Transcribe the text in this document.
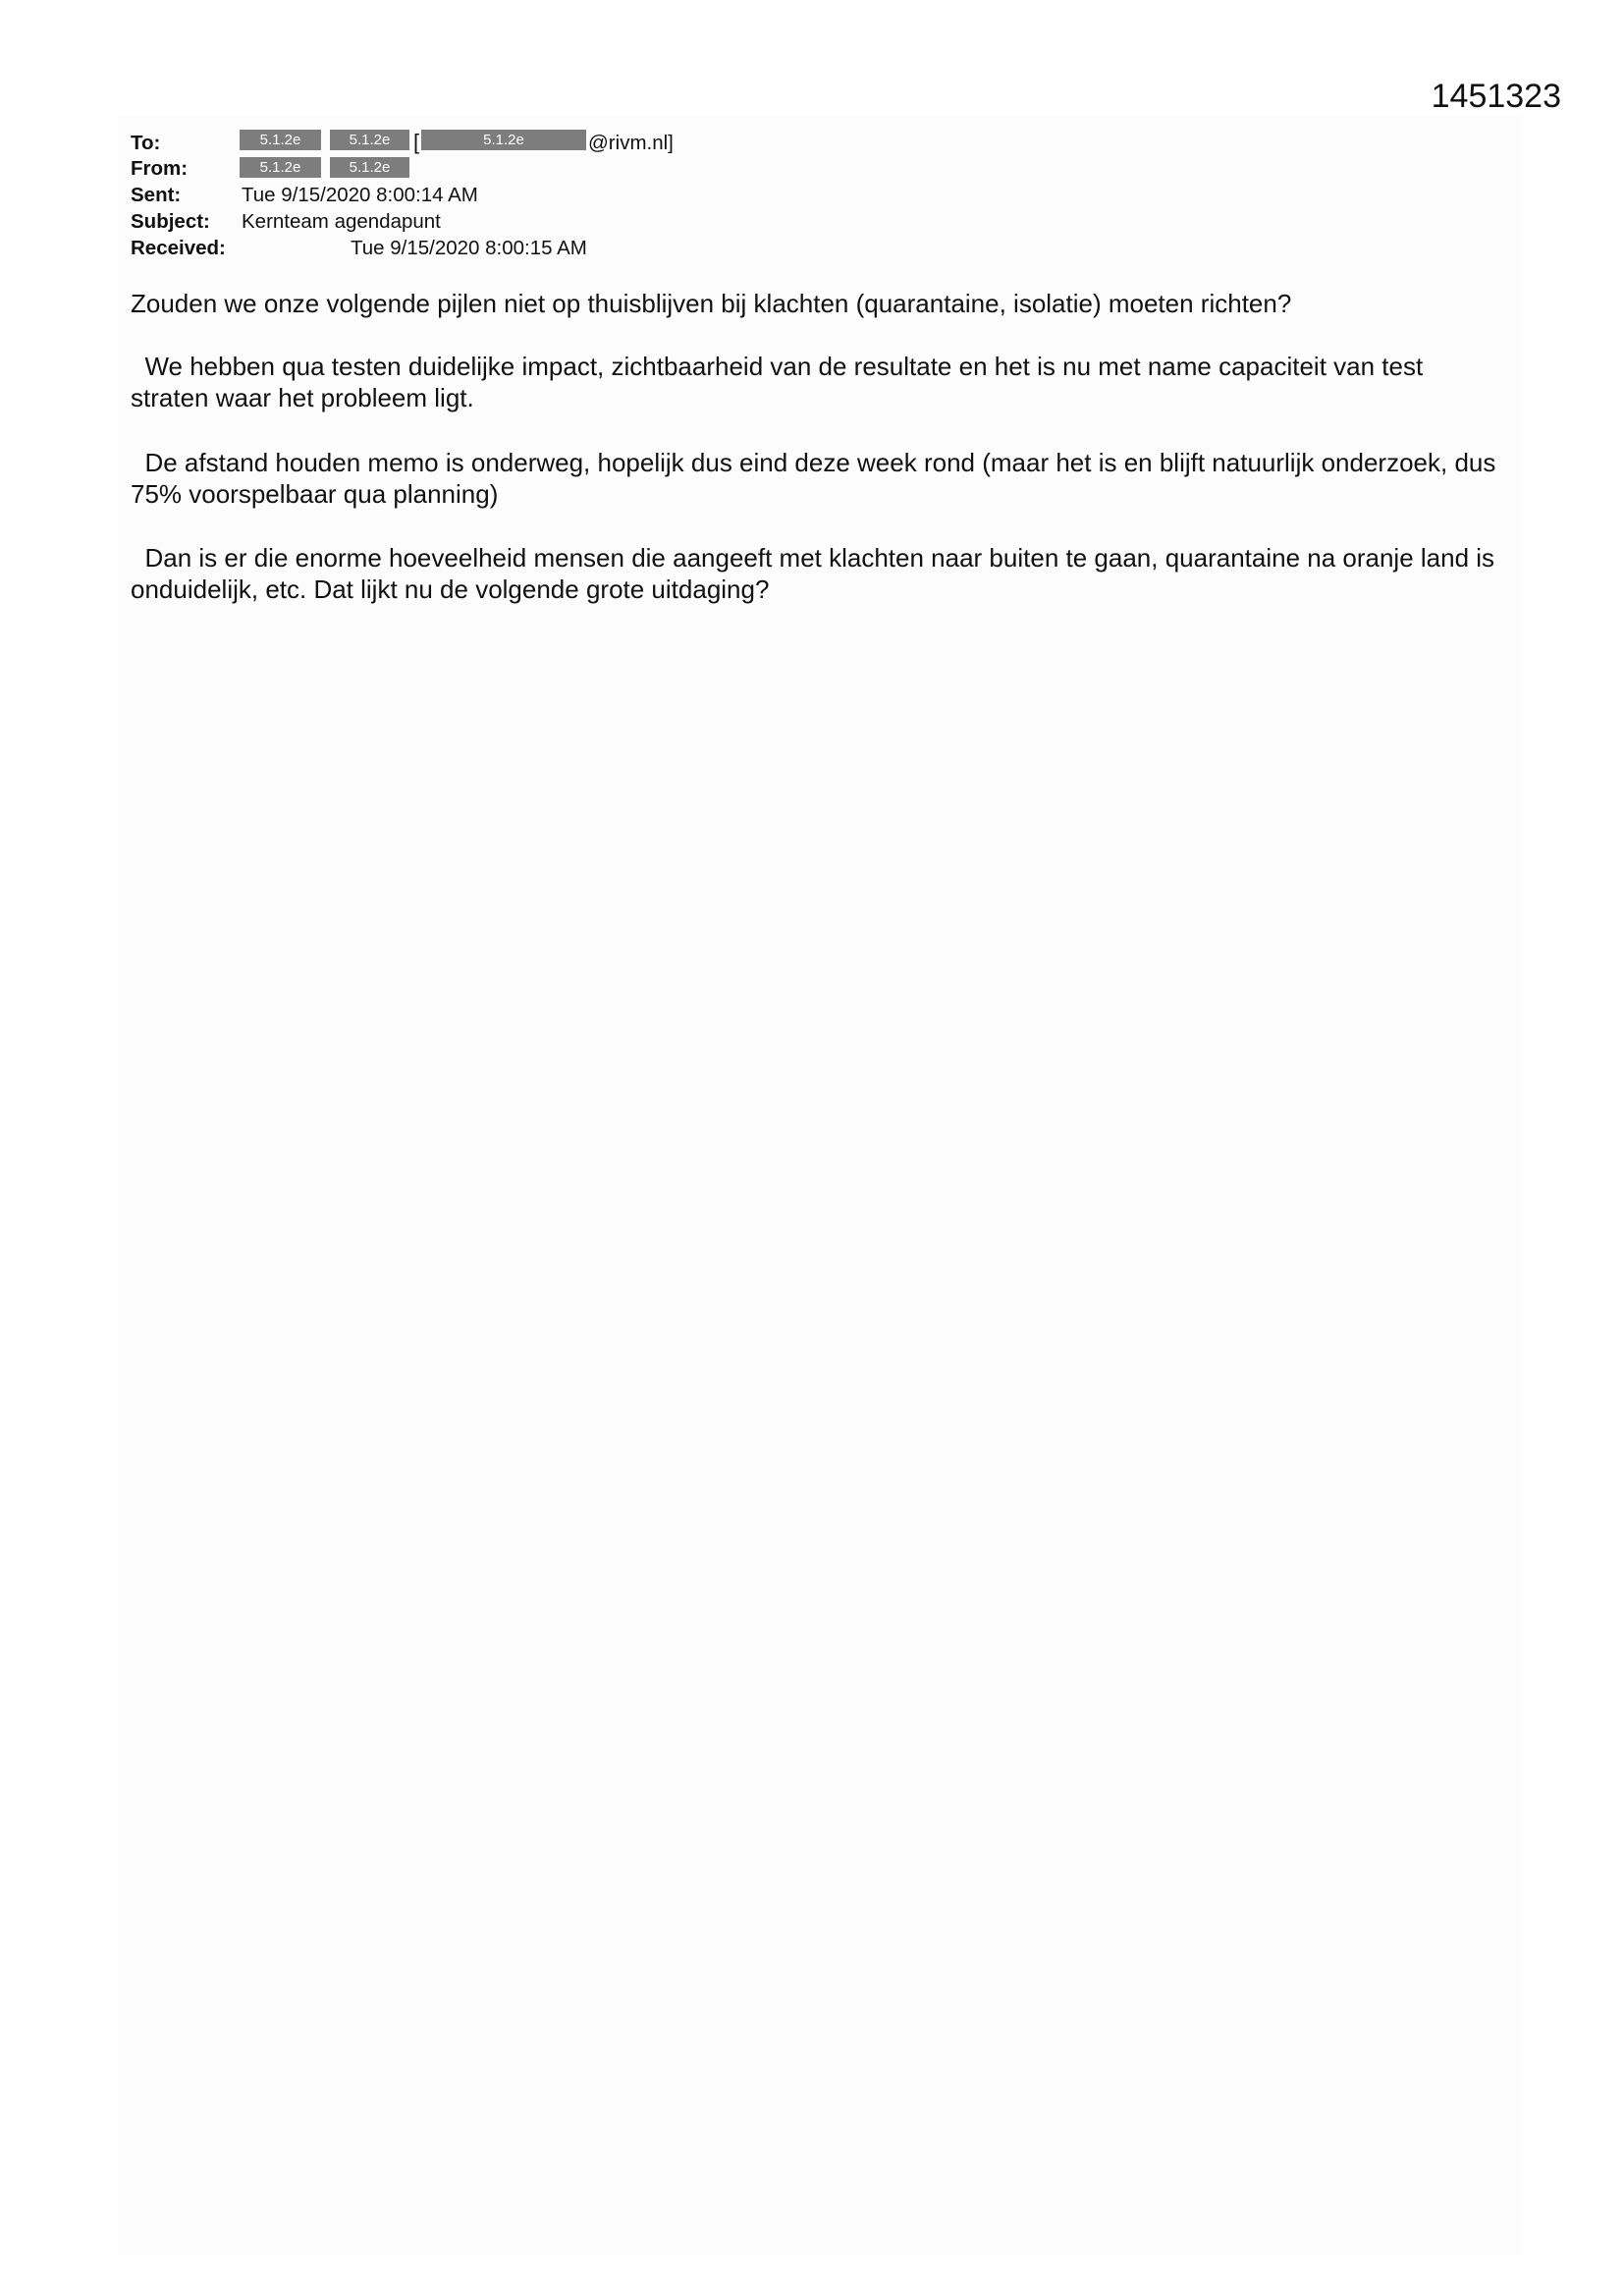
1451323
To:	5.1.2e	5.1.2e	[	5.1.2e	@rivm.nl]
From:	5.1.2e	5.1.2e
Sent:	Tue 9/15/2020 8:00:14 AM
Subject: Kernteam agendapunt
Received:	Tue 9/15/2020 8:00:15 AM
Zouden we onze volgende pijlen niet op thuisblijven bij klachten (quarantaine, isolatie) moeten richten?
We hebben qua testen duidelijke impact, zichtbaarheid van de resultate en het is nu met name capaciteit van test straten waar het probleem ligt.
De afstand houden memo is onderweg, hopelijk dus eind deze week rond (maar het is en blijft natuurlijk onderzoek, dus 75% voorspelbaar qua planning)
Dan is er die enorme hoeveelheid mensen die aangeeft met klachten naar buiten te gaan, quarantaine na oranje land is onduidelijk, etc. Dat lijkt nu de volgende grote uitdaging?
